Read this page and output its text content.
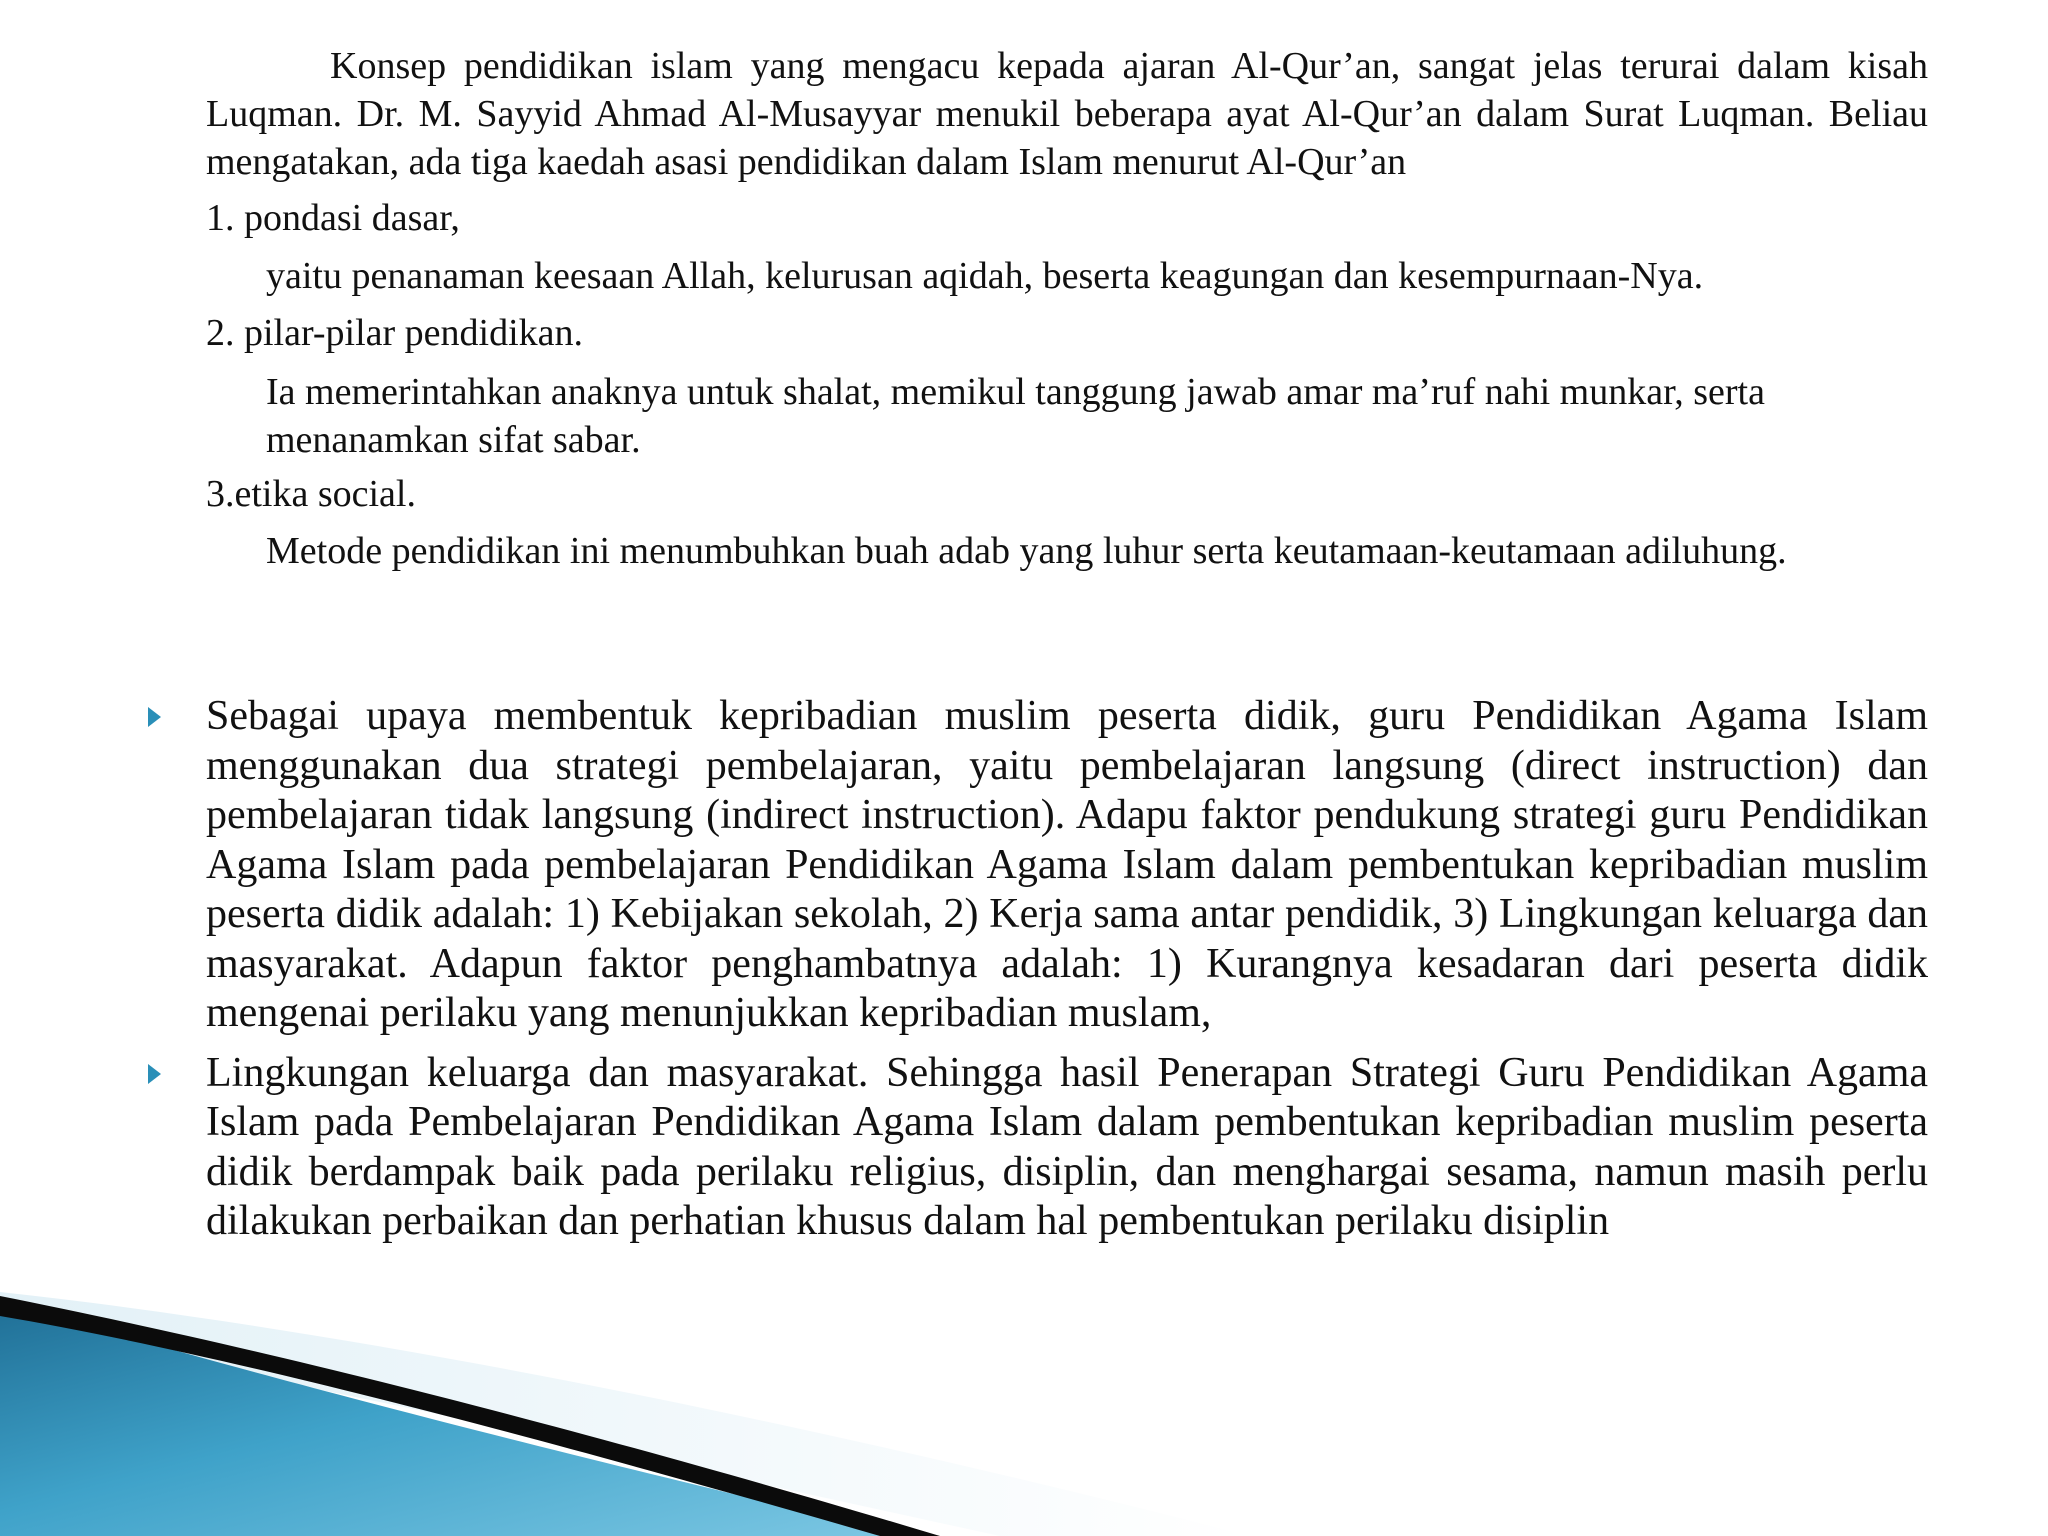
Konsep pendidikan islam yang mengacu kepada ajaran Al-Qur’an, sangat jelas terurai dalam kisah Luqman. Dr. M. Sayyid Ahmad Al-Musayyar menukil beberapa ayat Al-Qur’an dalam Surat Luqman. Beliau mengatakan, ada tiga kaedah asasi pendidikan dalam Islam menurut Al-Qur’an
1. pondasi dasar,
yaitu penanaman keesaan Allah, kelurusan aqidah, beserta keagungan dan kesempurnaan-Nya.
2. pilar-pilar pendidikan.
Ia memerintahkan anaknya untuk shalat, memikul tanggung jawab amar ma’ruf nahi munkar, serta menanamkan sifat sabar.
3.etika social.
Metode pendidikan ini menumbuhkan buah adab yang luhur serta keutamaan-keutamaan adiluhung.
Sebagai upaya membentuk kepribadian muslim peserta didik, guru Pendidikan Agama Islam menggunakan dua strategi pembelajaran, yaitu pembelajaran langsung (direct instruction) dan pembelajaran tidak langsung (indirect instruction). Adapu faktor pendukung strategi guru Pendidikan Agama Islam pada pembelajaran Pendidikan Agama Islam dalam pembentukan kepribadian muslim peserta didik adalah: 1) Kebijakan sekolah, 2) Kerja sama antar pendidik, 3) Lingkungan keluarga dan masyarakat. Adapun faktor penghambatnya adalah: 1) Kurangnya kesadaran dari peserta didik mengenai perilaku yang menunjukkan kepribadian muslam,
Lingkungan keluarga dan masyarakat. Sehingga hasil Penerapan Strategi Guru Pendidikan Agama Islam pada Pembelajaran Pendidikan Agama Islam dalam pembentukan kepribadian muslim peserta didik berdampak baik pada perilaku religius, disiplin, dan menghargai sesama, namun masih perlu dilakukan perbaikan dan perhatian khusus dalam hal pembentukan perilaku disiplin
